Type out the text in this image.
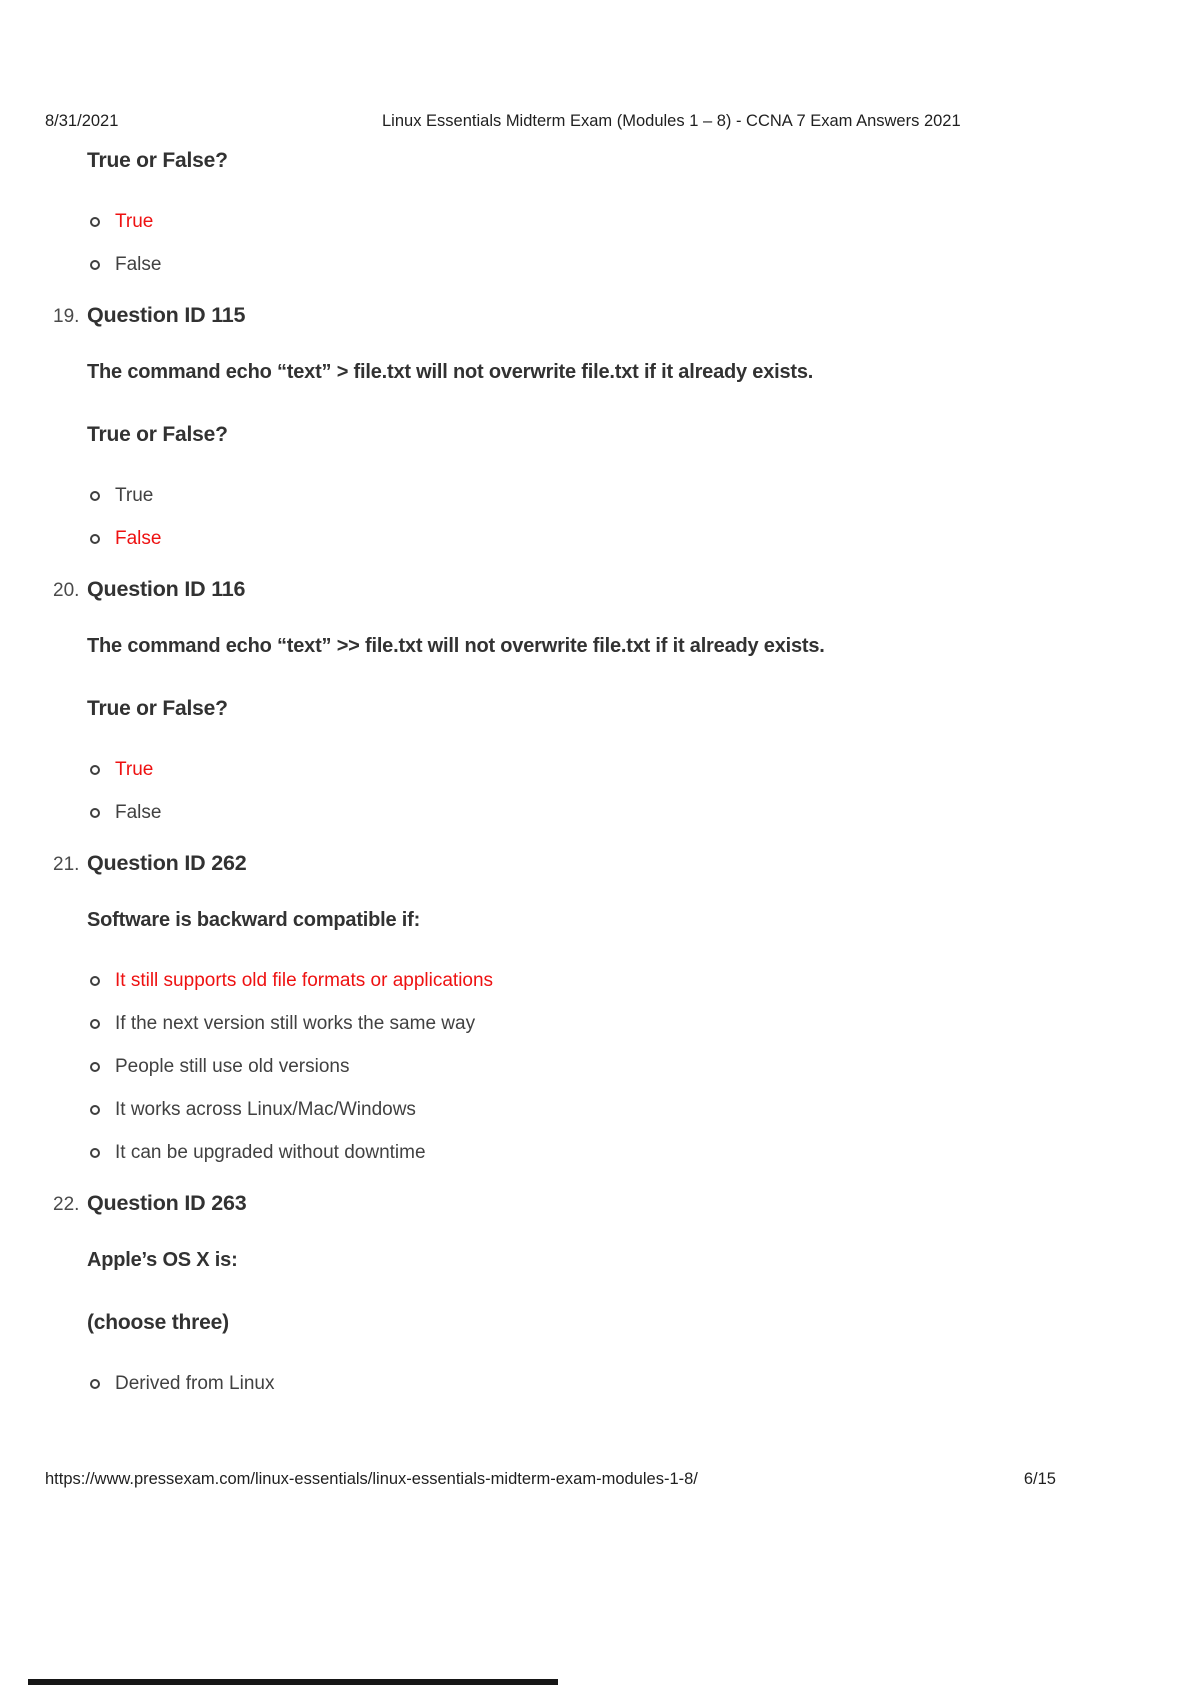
8/31/2021	Linux Essentials Midterm Exam (Modules 1 – 8) - CCNA 7 Exam Answers 2021

True or False?

True
False
19. Question ID 115

The command echo “text” > file.txt will not overwrite file.txt if it already exists.

True or False?

True
False
20. Question ID 116

The command echo “text” >> file.txt will not overwrite file.txt if it already exists.

True or False?

True
False
21. Question ID 262

Software is backward compatible if:

It still supports old file formats or applications
If the next version still works the same way
People still use old versions
It works across Linux/Mac/Windows
It can be upgraded without downtime
22. Question ID 263

Apple’s OS X is:

(choose three)

Derived from Linux
https://www.pressexam.com/linux-essentials/linux-essentials-midterm-exam-modules-1-8/	6/15
